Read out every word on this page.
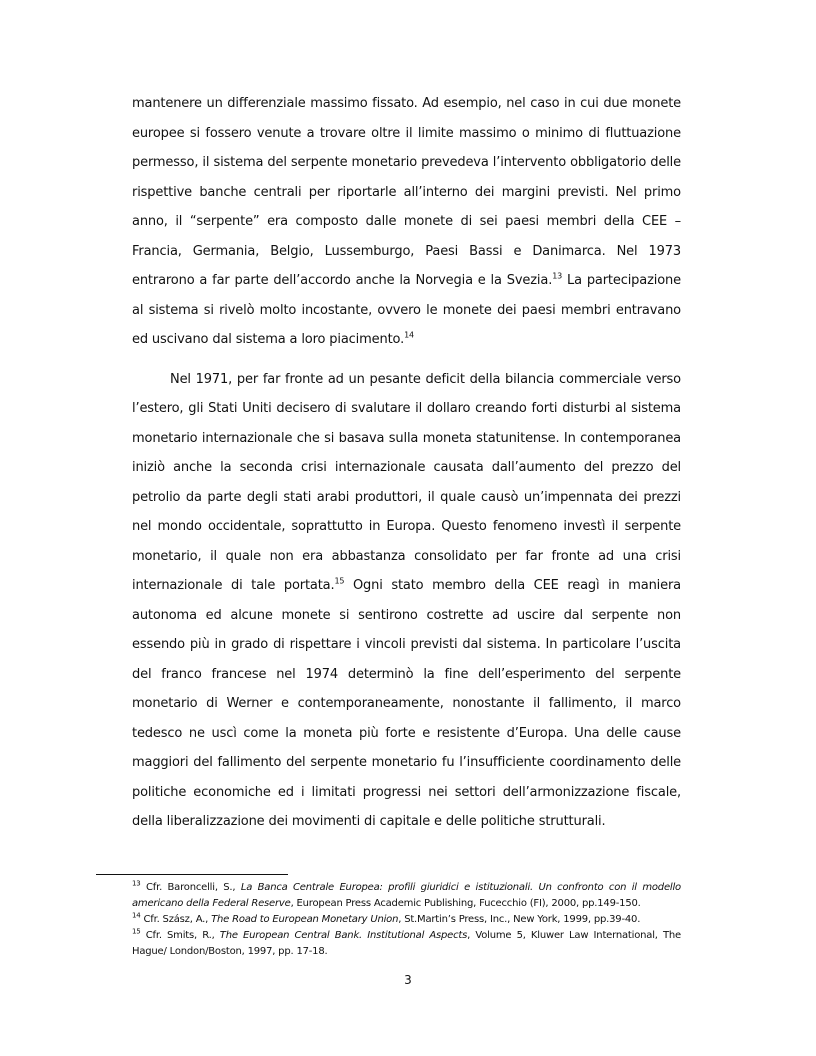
mantenere un differenziale massimo fissato. Ad esempio, nel caso in cui due monete europee si fossero venute a trovare oltre il limite massimo o minimo di fluttuazione permesso, il sistema del serpente monetario prevedeva l’intervento obbligatorio delle rispettive banche centrali per riportarle all’interno dei margini previsti. Nel primo anno, il “serpente” era composto dalle monete di sei paesi membri della CEE – Francia, Germania, Belgio, Lussemburgo, Paesi Bassi e Danimarca. Nel 1973 entrarono a far parte dell’accordo anche la Norvegia e la Svezia.$^{13}$ La partecipazione al sistema si rivelò molto incostante, ovvero le monete dei paesi membri entravano ed uscivano dal sistema a loro piacimento.$^{14}$

Nel 1971, per far fronte ad un pesante deficit della bilancia commerciale verso l’estero, gli Stati Uniti decisero di svalutare il dollaro creando forti disturbi al sistema monetario internazionale che si basava sulla moneta statunitense. In contemporanea iniziò anche la seconda crisi internazionale causata dall’aumento del prezzo del petrolio da parte degli stati arabi produttori, il quale causò un’impennata dei prezzi nel mondo occidentale, soprattutto in Europa. Questo fenomeno investì il serpente monetario, il quale non era abbastanza consolidato per far fronte ad una crisi internazionale di tale portata.$^{15}$ Ogni stato membro della CEE reagì in maniera autonoma ed alcune monete si sentirono costrette ad uscire dal serpente non essendo più in grado di rispettare i vincoli previsti dal sistema. In particolare l’uscita del franco francese nel 1974 determinò la fine dell’esperimento del serpente monetario di Werner e contemporaneamente, nonostante il fallimento, il marco tedesco ne uscì come la moneta più forte e resistente d’Europa. Una delle cause maggiori del fallimento del serpente monetario fu l’insufficiente coordinamento delle politiche economiche ed i limitati progressi nei settori dell’armonizzazione fiscale, della liberalizzazione dei movimenti di capitale e delle politiche strutturali.

$^{13}$ Cfr. Baroncelli, S., La Banca Centrale Europea: profili giuridici e istituzionali. Un confronto con il modello americano della Federal Reserve, European Press Academic Publishing, Fucecchio (FI), 2000, pp.149-150.

$^{14}$ Cfr. Szász, A., The Road to European Monetary Union, St.Martin’s Press, Inc., New York, 1999, pp.39-40.

$^{15}$ Cfr. Smits, R., The European Central Bank. Institutional Aspects, Volume 5, Kluwer Law International, The Hague/ London/Boston, 1997, pp. 17-18.

3
